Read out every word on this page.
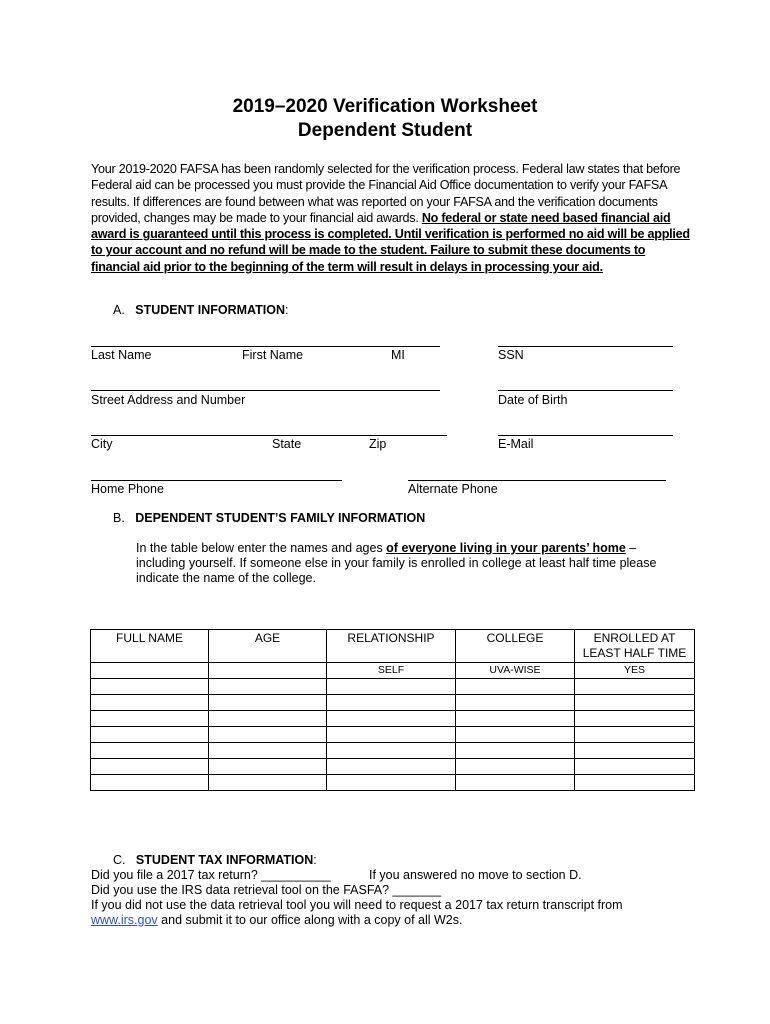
2019–2020 Verification Worksheet
Dependent Student
Your 2019-2020 FAFSA has been randomly selected for the verification process. Federal law states that before Federal aid can be processed you must provide the Financial Aid Office documentation to verify your FAFSA results. If differences are found between what was reported on your FAFSA and the verification documents provided, changes may be made to your financial aid awards. No federal or state need based financial aid award is guaranteed until this process is completed. Until verification is performed no aid will be applied to your account and no refund will be made to the student. Failure to submit these documents to financial aid prior to the beginning of the term will result in delays in processing your aid.
A. STUDENT INFORMATION:
Last Name	First Name	MI	SSN
Street Address and Number	Date of Birth
City	State	Zip	E-Mail
Home Phone	Alternate Phone
B. DEPENDENT STUDENT’S FAMILY INFORMATION
In the table below enter the names and ages of everyone living in your parents’ home – including yourself. If someone else in your family is enrolled in college at least half time please indicate the name of the college.
FULL NAME	AGE	RELATIONSHIP	COLLEGE	ENROLLED AT LEAST HALF TIME
		SELF	UVA-WISE	YES

C. STUDENT TAX INFORMATION:
Did you file a 2017 tax return? __________	If you answered no move to section D.
Did you use the IRS data retrieval tool on the FASFA? _______
If you did not use the data retrieval tool you will need to request a 2017 tax return transcript from
www.irs.gov and submit it to our office along with a copy of all W2s.
